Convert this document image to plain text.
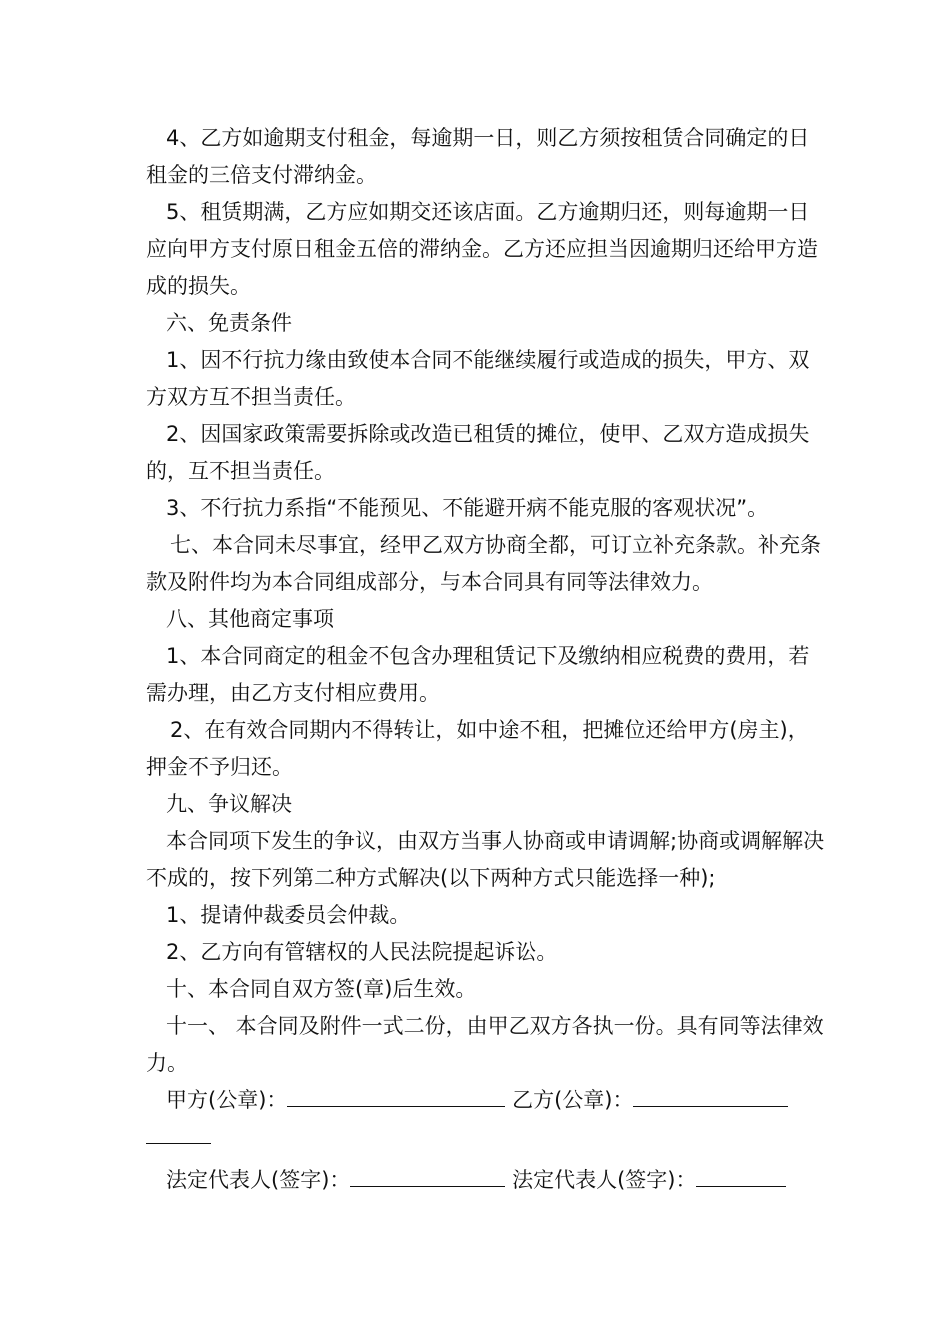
4、乙方如逾期支付租金，每逾期一日，则乙方须按租赁合同确定的日租金的三倍支付滞纳金。

5、租赁期满，乙方应如期交还该店面。乙方逾期归还，则每逾期一日应向甲方支付原日租金五倍的滞纳金。乙方还应担当因逾期归还给甲方造成的损失。

六、免责条件

1、因不行抗力缘由致使本合同不能继续履行或造成的损失，甲方、双方双方互不担当责任。

2、因国家政策需要拆除或改造已租赁的摊位，使甲、乙双方造成损失的，互不担当责任。

3、不行抗力系指“不能预见、不能避开病不能克服的客观状况”。

七、本合同未尽事宜，经甲乙双方协商全都，可订立补充条款。补充条款及附件均为本合同组成部分，与本合同具有同等法律效力。

八、其他商定事项

1、本合同商定的租金不包含办理租赁记下及缴纳相应税费的费用，若需办理，由乙方支付相应费用。

2、在有效合同期内不得转让，如中途不租，把摊位还给甲方(房主)，押金不予归还。

九、争议解决

本合同项下发生的争议，由双方当事人协商或申请调解;协商或调解解决不成的，按下列第二种方式解决(以下两种方式只能选择一种);

1、提请仲裁委员会仲裁。

2、乙方向有管辖权的人民法院提起诉讼。

十、本合同自双方签(章)后生效。

十一、 本合同及附件一式二份，由甲乙双方各执一份。具有同等法律效力。

甲方(公章)：	乙方(公章)：
法定代表人(签字)：	法定代表人(签字)：
